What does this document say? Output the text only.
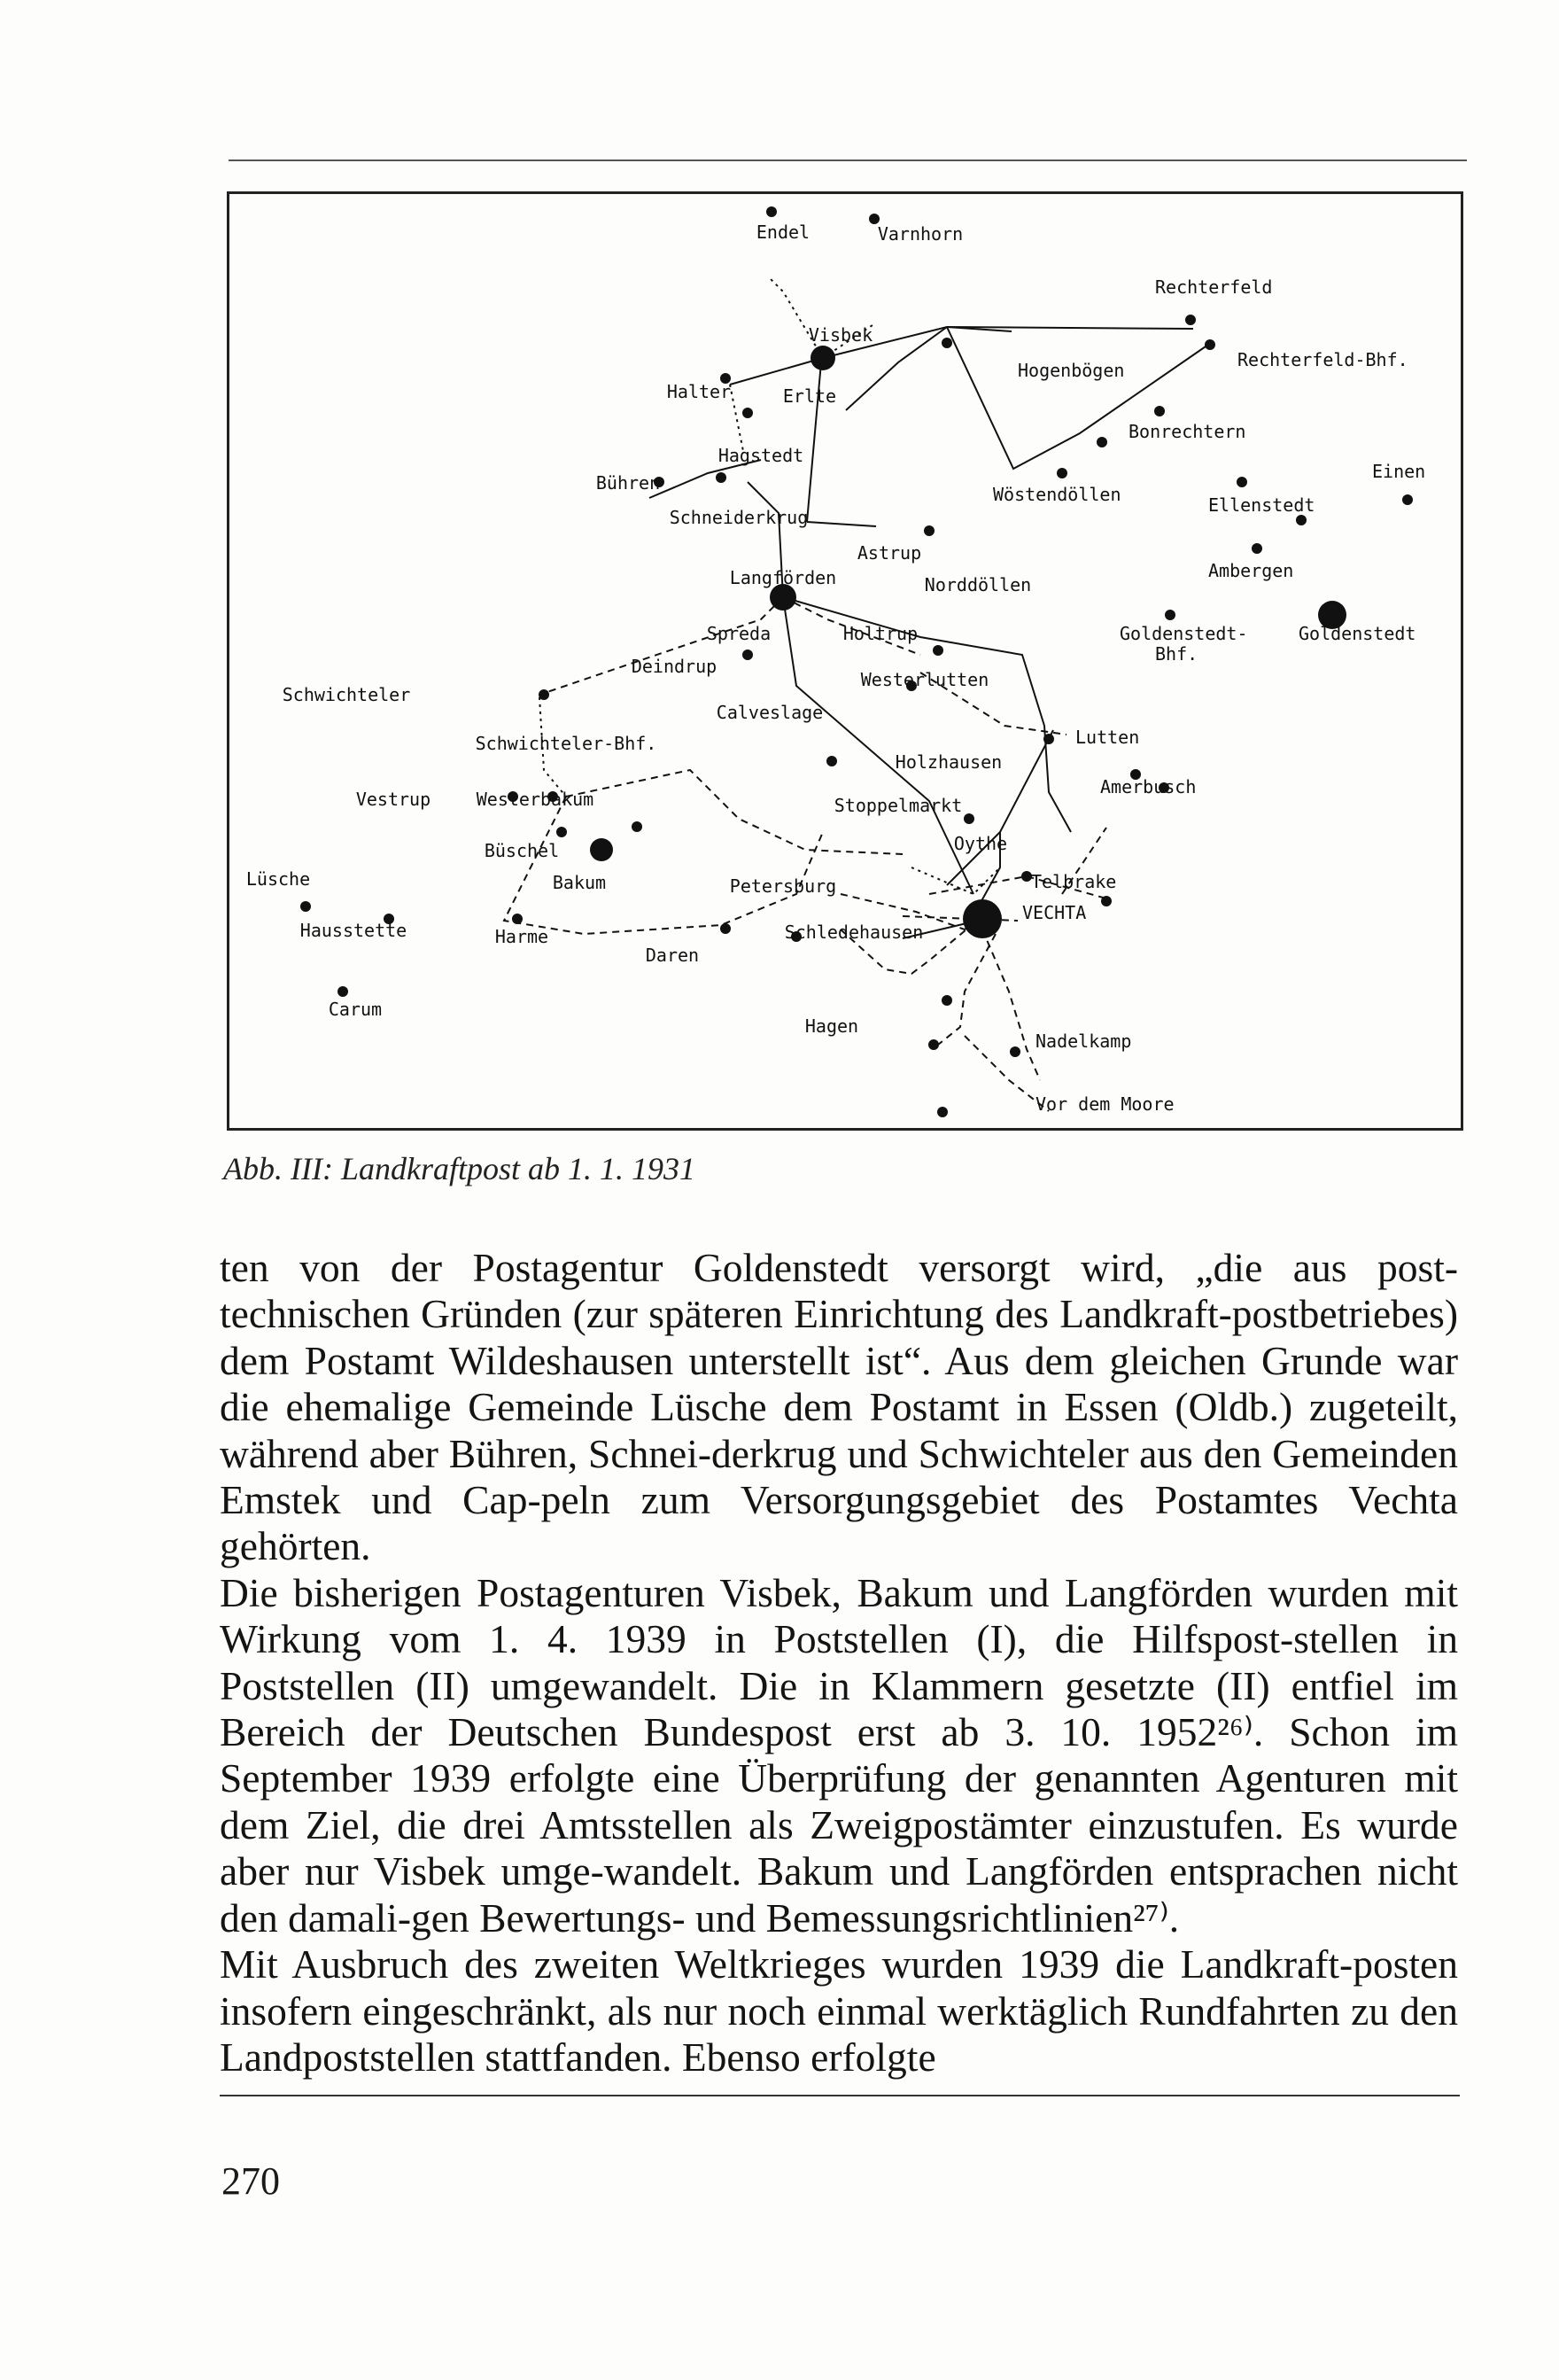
Endel	Varnhorn
Rechterfeld
Visbek
Rechterfeld-Bhf.
Hogenbögen
Halter	Erlte
Bonrechtern
Hagstedt
Einen
Bühren
Wöstendöllen	Ellenstedt
Schneiderkrug
Astrup
Ambergen
Langförden	Norddöllen
Spreda	Holtrup	Goldenstedt-
Bhf.
Goldenstedt
Deindrup
Schwichteler
Westerlutten
Calveslage
Lutten
Schwichteler-Bhf.
Holzhausen
Amerbusch
Vestrup	Westerbakum	Stoppelmarkt
Büschel	Oythe
Lüsche	Bakum	Petersburg	Telbrake
Hausstette	Harme	Schledehausen
VECHTA
Daren
Carum
Hagen
Nadelkamp
Vor dem Moore
Abb. III: Landkraftpost ab 1. 1. 1931

ten von der Postagentur Goldenstedt versorgt wird, „die aus post-technischen Gründen (zur späteren Einrichtung des Landkraft-postbetriebes) dem Postamt Wildeshausen unterstellt ist“. Aus dem gleichen Grunde war die ehemalige Gemeinde Lüsche dem Postamt in Essen (Oldb.) zugeteilt, während aber Bühren, Schnei-derkrug und Schwichteler aus den Gemeinden Emstek und Cap-peln zum Versorgungsgebiet des Postamtes Vechta gehörten.

Die bisherigen Postagenturen Visbek, Bakum und Langförden wurden mit Wirkung vom 1. 4. 1939 in Poststellen (I), die Hilfspost-stellen in Poststellen (II) umgewandelt. Die in Klammern gesetzte (II) entfiel im Bereich der Deutschen Bundespost erst ab 3. 10. 1952²⁶⁾. Schon im September 1939 erfolgte eine Überprüfung der genannten Agenturen mit dem Ziel, die drei Amtsstellen als Zweigpostämter einzustufen. Es wurde aber nur Visbek umge-wandelt. Bakum und Langförden entsprachen nicht den damali-gen Bewertungs- und Bemessungsrichtlinien²⁷⁾.

Mit Ausbruch des zweiten Weltkrieges wurden 1939 die Landkraft-posten insofern eingeschränkt, als nur noch einmal werktäglich Rundfahrten zu den Landpoststellen stattfanden. Ebenso erfolgte

270
